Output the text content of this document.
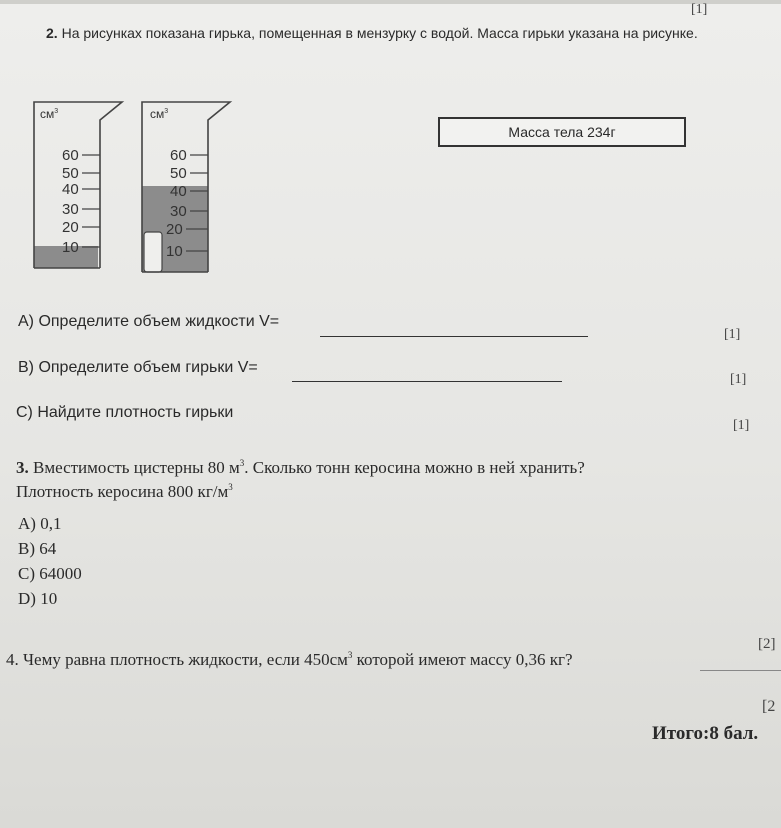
[1]
2. На рисунках показана гирька, помещенная в мензурку с водой. Масса гирьки указана на рисунке.
$см^3$
60
50
40
30
20
10
$см^3$
60
50
40
30
20
10
Масса тела 234г
А) Определите объем жидкости V=
[1]
В) Определите объем гирьки V=
[1]
С) Найдите плотность гирьки
[1]
3. Вместимость цистерны 80 $м^3$. Сколько тонн керосина можно в ней хранить?
Плотность керосина 800 $кг/м^3$
A) 0,1
B) 64
C) 64000
D) 10
[2]
4. Чему равна плотность жидкости, если $450см^3$ которой имеют массу 0,36 кг?
[2
Итого:8 бал.
